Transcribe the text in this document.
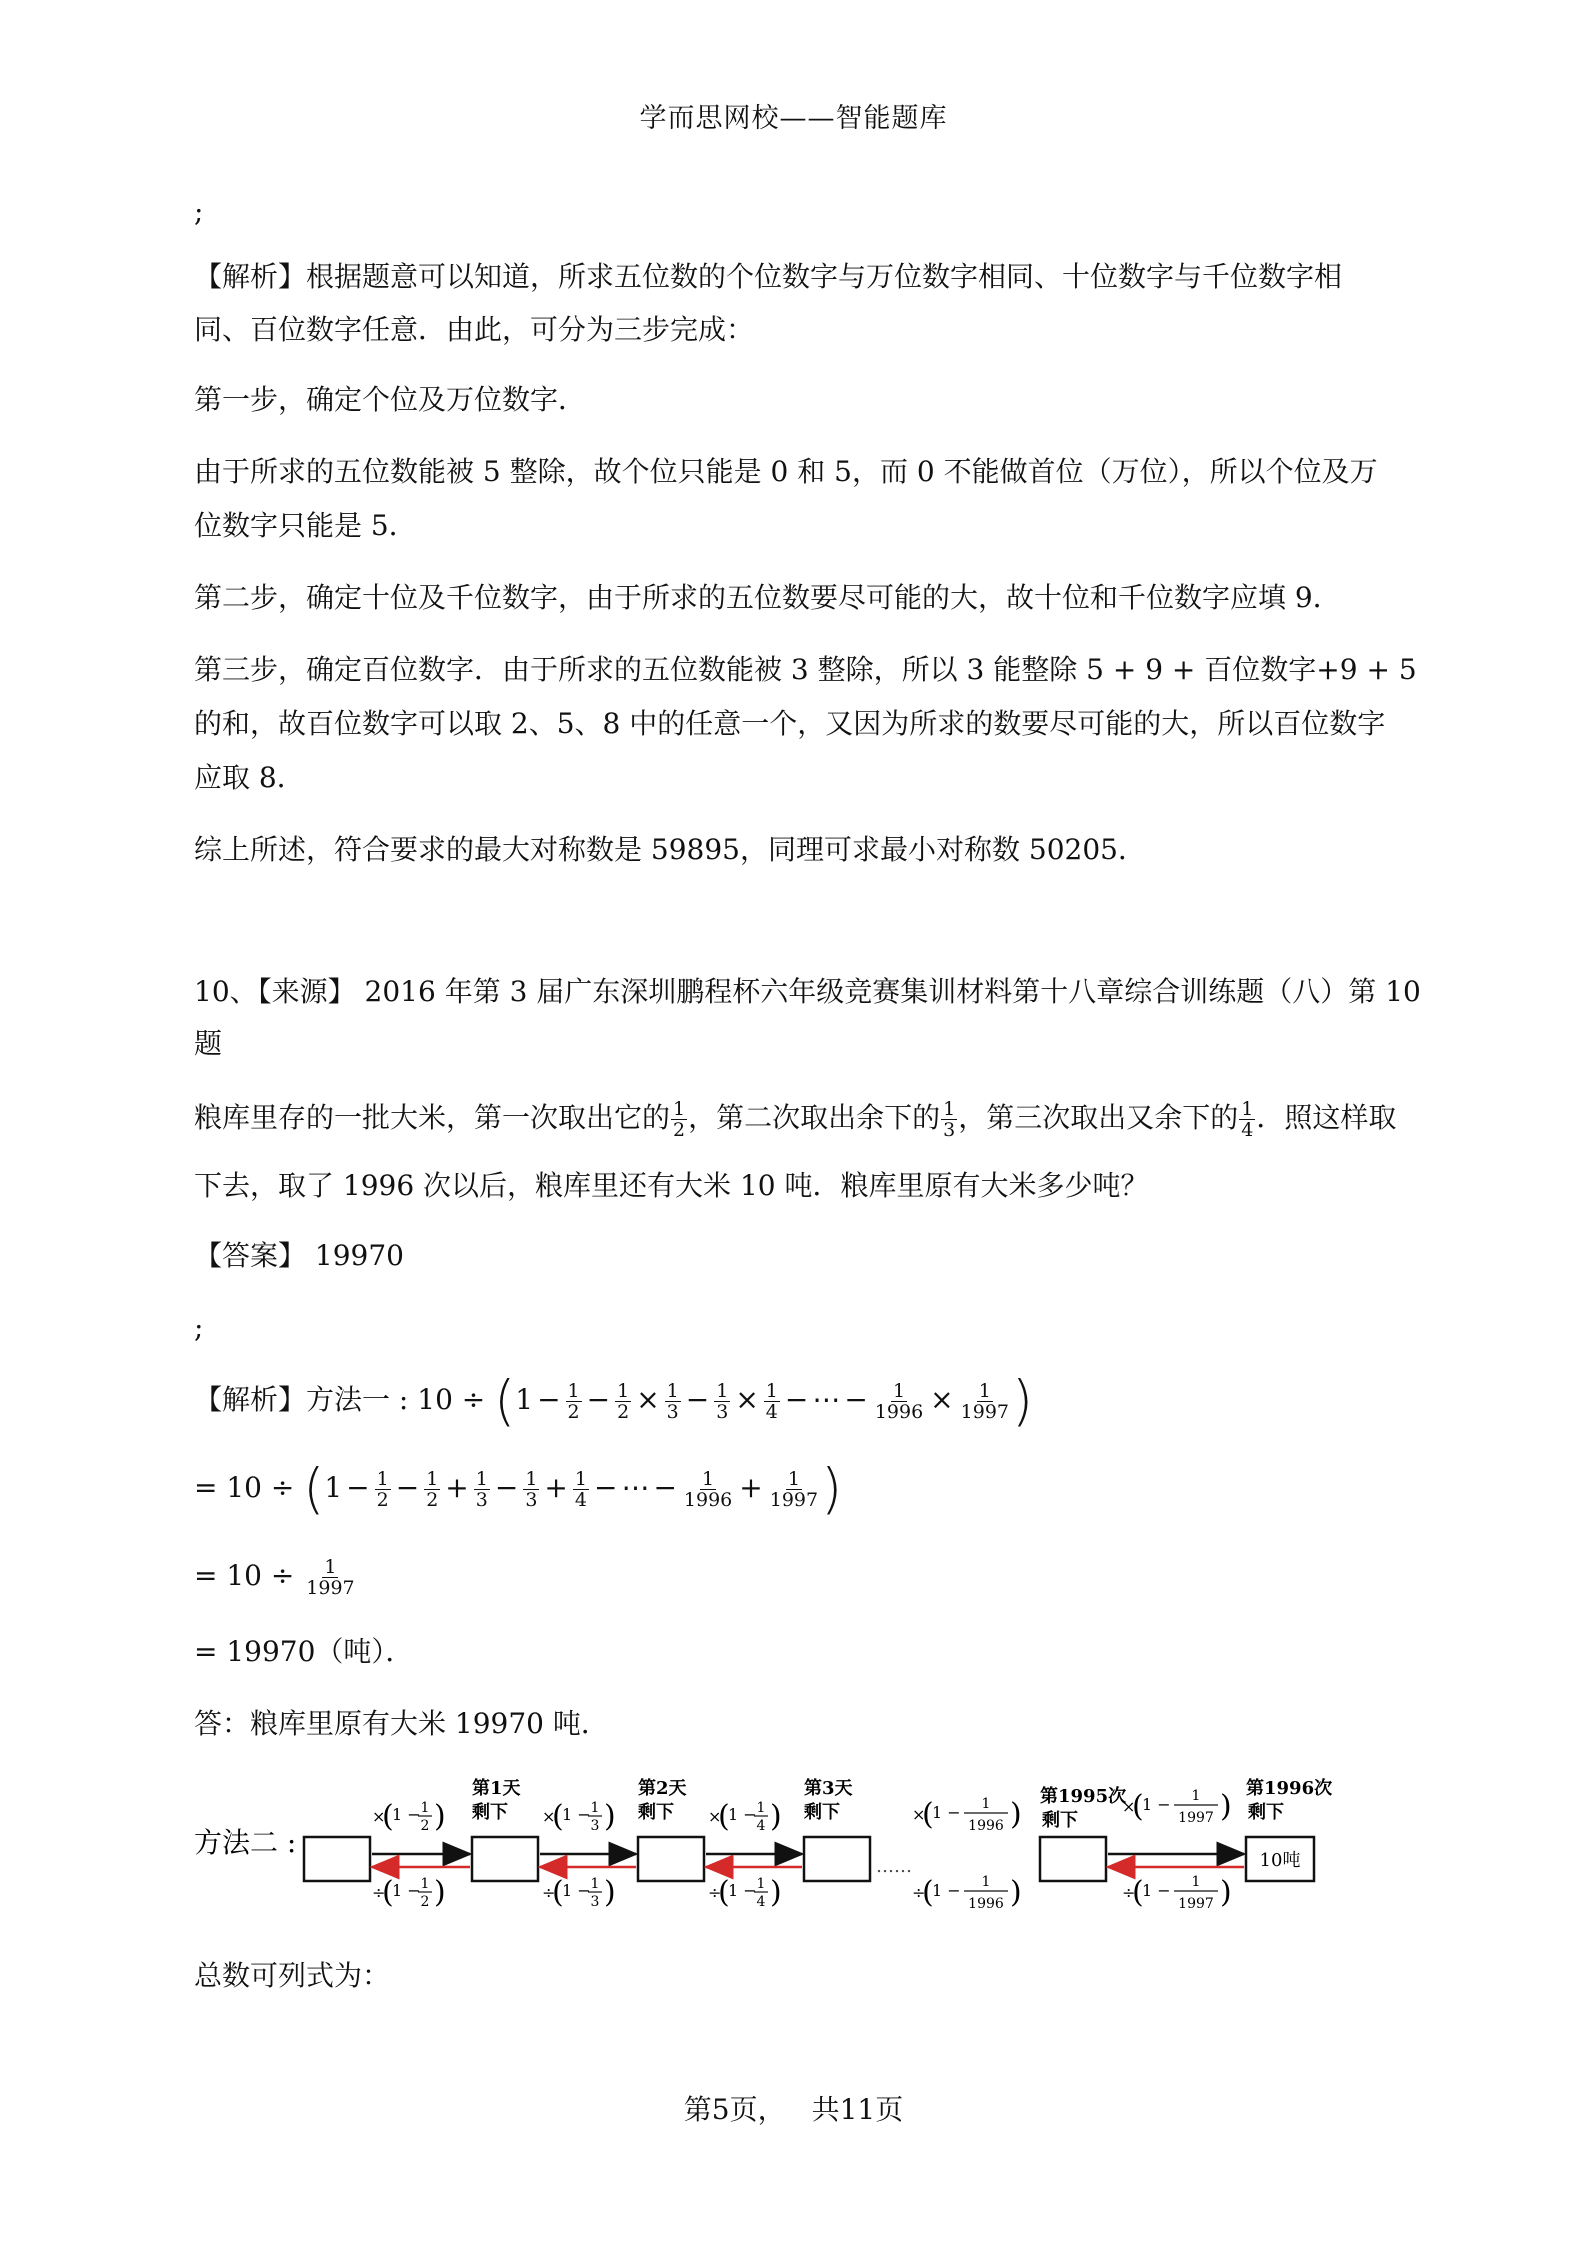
学而思网校——智能题库
;
【解析】根据题意可以知道，所求五位数的个位数字与万位数字相同、十位数字与千位数字相
同、百位数字任意．由此，可分为三步完成：
第一步，确定个位及万位数字．
由于所求的五位数能被 5 整除，故个位只能是 0 和 5，而 0 不能做首位（万位），所以个位及万
位数字只能是 5．
第二步，确定十位及千位数字，由于所求的五位数要尽可能的大，故十位和千位数字应填 9．
第三步，确定百位数字．由于所求的五位数能被 3 整除，所以 3 能整除 5 + 9 + 百位数字+9 + 5
的和，故百位数字可以取 2、5、8 中的任意一个，又因为所求的数要尽可能的大，所以百位数字
应取 8．
综上所述，符合要求的最大对称数是 59895，同理可求最小对称数 50205．
10、【来源】 2016 年第 3 届广东深圳鹏程杯六年级竞赛集训材料第十八章综合训练题（八）第 10
题
粮库里存的一批大米，第一次取出它的 $\frac{1}{2}$ ，第二次取出余下的 $\frac{1}{3}$ ，第三次取出又余下的 $\frac{1}{4}$ ．照这样取
下去，取了 1996 次以后，粮库里还有大米 10 吨．粮库里原有大米多少吨？
【答案】 19970
;
【解析】方法一 : $10 \div (1 - \frac{1}{2} - \frac{1}{2} \times \frac{1}{3} - \frac{1}{3} \times \frac{1}{4}$ − ⋯ − $\frac{1}{1996} \times \frac{1}{1997}$ )
= $10 \div (1 - \frac{1}{2} - \frac{1}{2} + \frac{1}{3} - \frac{1}{3} + \frac{1}{4}$ − ⋯ − $\frac{1}{1996} + \frac{1}{1997}$ )
= $10 \div \frac{1}{1997}$
= 19970（吨）．
答：粮库里原有大米 19970 吨．
方法二 :
10吨
……
第1天
剩下
第2天
剩下
第3天
剩下
第1995次
剩下
第1996次
剩下
×
(
1 − 1
2 )	×
(
1 − 1
3 )	×
(
1 − 1
4 )	×
(
1 − 1
1996 )	×
(
1 − 1
1997 )
÷
(
1 − 1
2 )	÷
(
1 − 1
3 )	÷
(
1 − 1
4 )	÷
(
1 − 1
1996 )	÷
(
1 − 1
1997 )
总数可列式为：
第5页， 共11页
